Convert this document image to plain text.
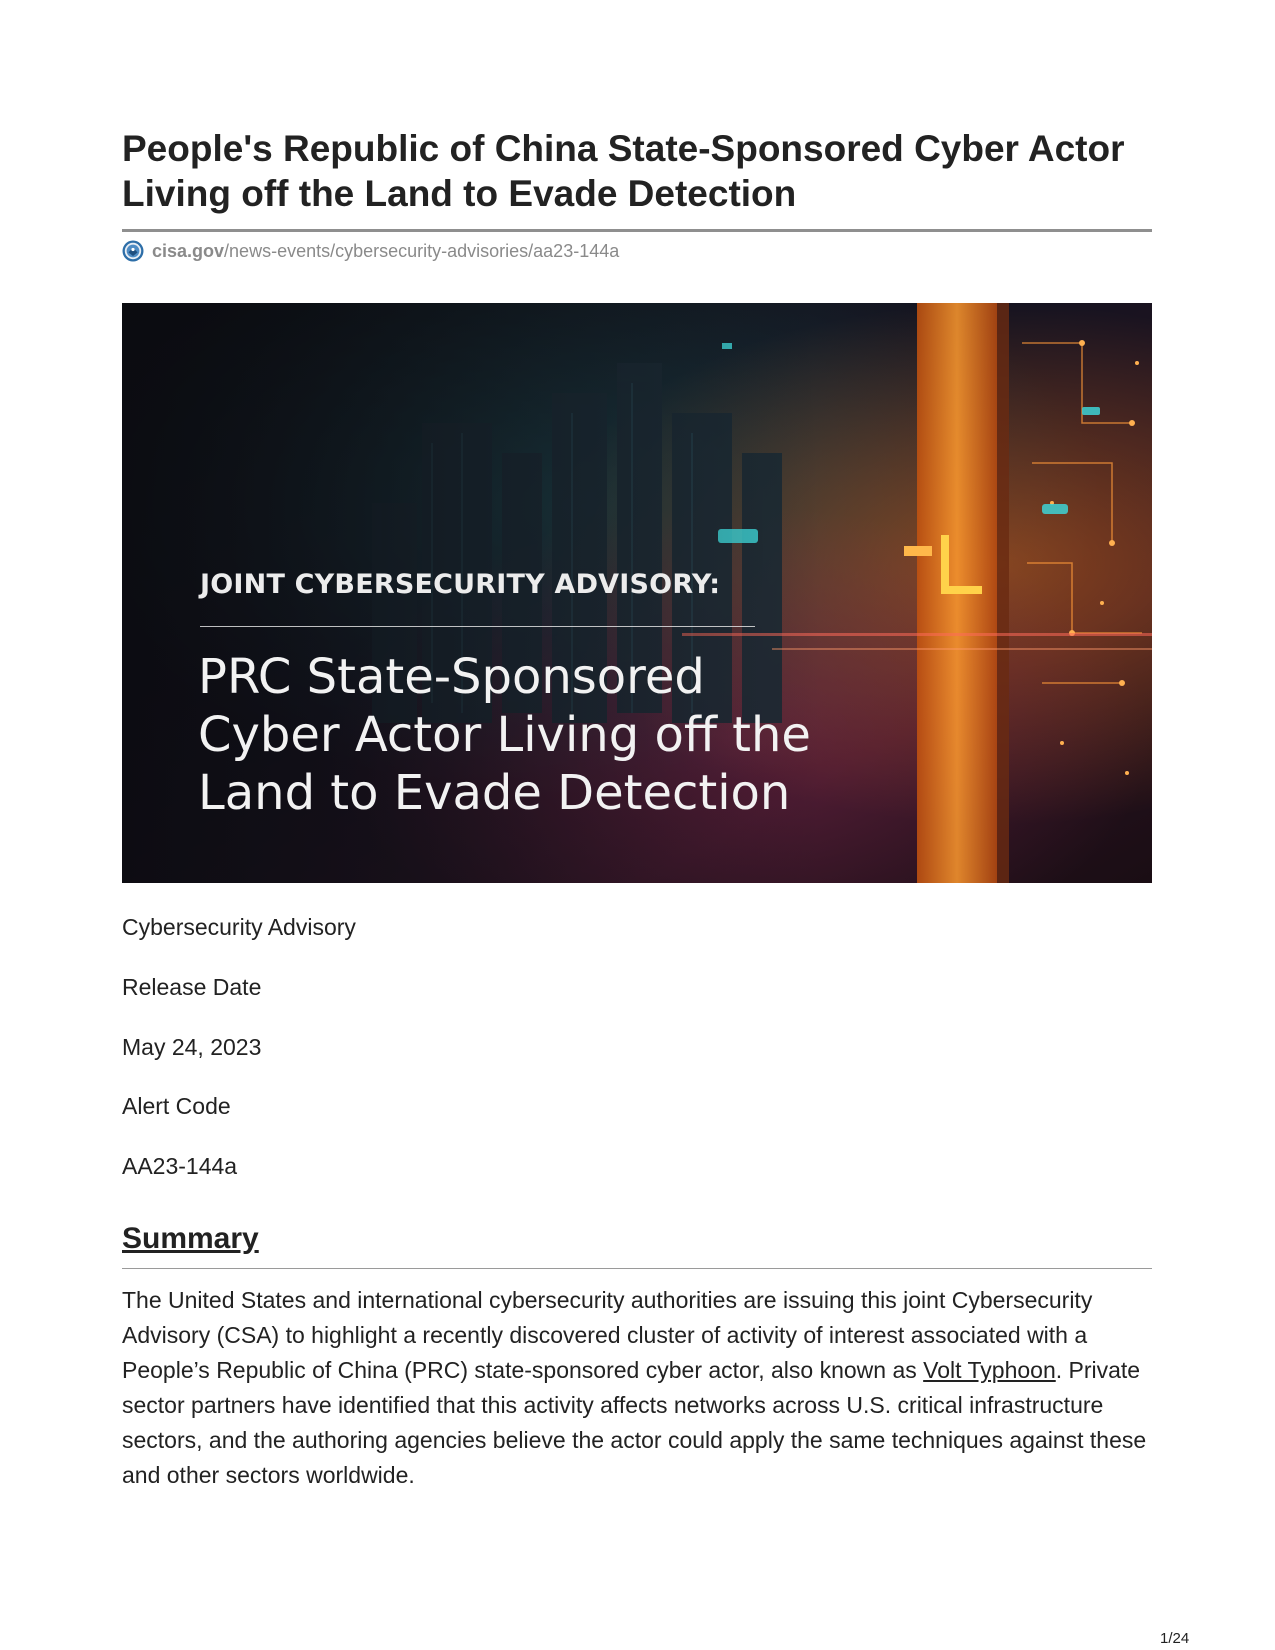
People's Republic of China State-Sponsored Cyber Actor Living off the Land to Evade Detection
cisa.gov /news-events/cybersecurity-advisories/aa23-144a
JOINT CYBERSECURITY ADVISORY:
PRC State-Sponsored
Cyber Actor Living off the
Land to Evade Detection
Cybersecurity Advisory
Release Date
May 24, 2023
Alert Code
AA23-144a
Summary

The United States and international cybersecurity authorities are issuing this joint Cybersecurity Advisory (CSA) to highlight a recently discovered cluster of activity of interest associated with a People’s Republic of China (PRC) state-sponsored cyber actor, also known as Volt Typhoon. Private sector partners have identified that this activity affects networks across U.S. critical infrastructure sectors, and the authoring agencies believe the actor could apply the same techniques against these and other sectors worldwide.

1/24
